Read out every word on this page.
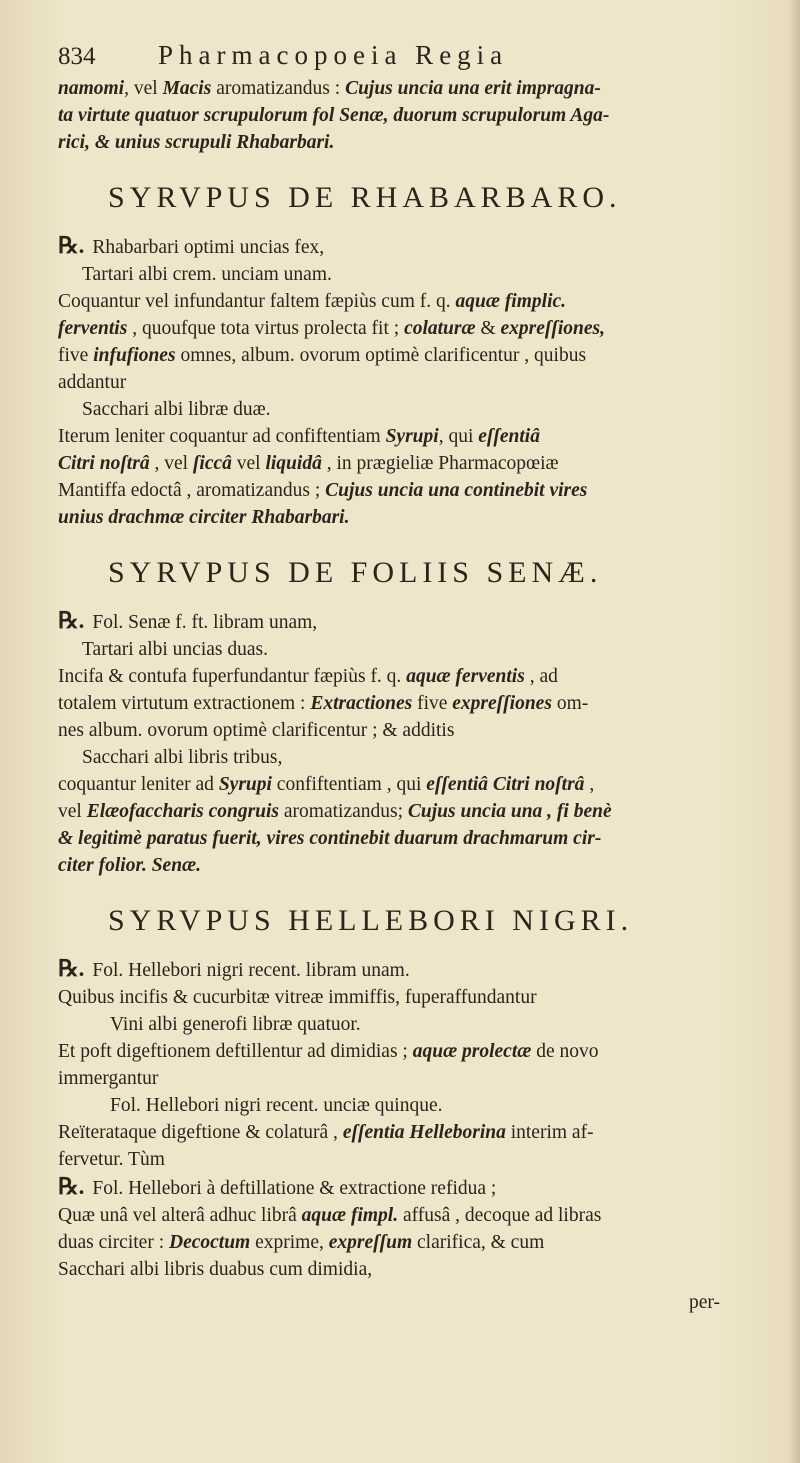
834	Pharmacopoeia Regia

namomi, vel Macis aromatizandus : Cujus uncia una erit impragna-

ta virtute quatuor scrupulorum fol Senæ, duorum scrupulorum Aga-

rici, & unius scrupuli Rhabarbari.

SYRVPUS DE RHABARBARO.

℞. Rhabarbari optimi uncias fex,

Tartari albi crem. unciam unam.

Coquantur vel infundantur faltem fæpiùs cum f. q. aquæ fimplic.

ferventis , quoufque tota virtus prolecta fit ; colaturæ & expreſſiones,

five infufiones omnes, album. ovorum optimè clarificentur , quibus

addantur

Sacchari albi libræ duæ.

Iterum leniter coquantur ad confiftentiam Syrupi, qui eſſentiâ

Citri noſtrâ , vel ſiccâ vel liquidâ , in prægieliæ Pharmacopœiæ

Mantiffa edoctâ , aromatizandus ; Cujus uncia una continebit vires

unius drachmæ circiter Rhabarbari.

SYRVPUS DE FOLIIS SENÆ.

℞. Fol. Senæ f. ft. libram unam,

Tartari albi uncias duas.

Incifa & contufa fuperfundantur fæpiùs f. q. aquæ ferventis , ad

totalem virtutum extractionem : Extractiones five expreſſiones om-

nes album. ovorum optimè clarificentur ; & additis

Sacchari albi libris tribus,

coquantur leniter ad Syrupi confiftentiam , qui eſſentiâ Citri noſtrâ ,

vel Elæofaccharis congruis aromatizandus; Cujus uncia una , fi benè

& legitimè paratus fuerit, vires continebit duarum drachmarum cir-

citer folior. Senæ.

SYRVPUS HELLEBORI NIGRI.

℞. Fol. Hellebori nigri recent. libram unam.

Quibus incifis & cucurbitæ vitreæ immiffis, fuperaffundantur

Vini albi generofi libræ quatuor.

Et poft digeftionem deftillentur ad dimidias ; aquæ prolectæ de novo

immergantur

Fol. Hellebori nigri recent. unciæ quinque.

Reïterataque digeftione & colaturâ , eſſentia Helleborina interim af-

fervetur. Tùm

℞. Fol. Hellebori à deftillatione & extractione refidua ;

Quæ unâ vel alterâ adhuc librâ aquæ fimpl. affusâ , decoque ad libras

duas circiter : Decoctum exprime, expreſſum clarifica, & cum

Sacchari albi libris duabus cum dimidia,

per-
